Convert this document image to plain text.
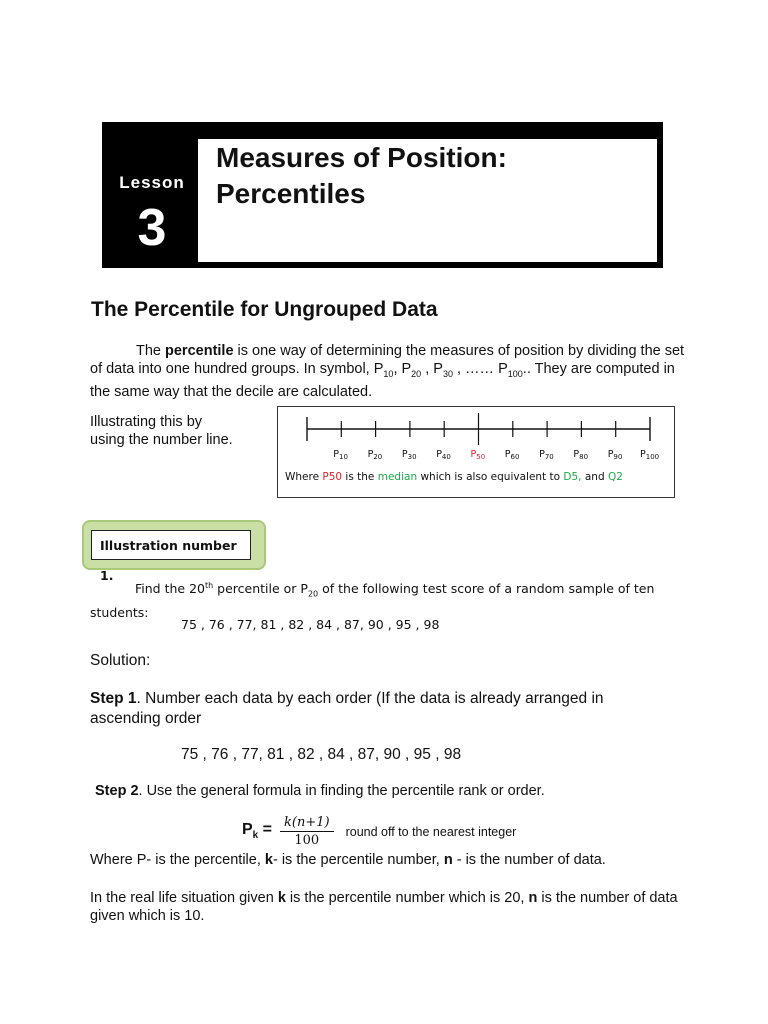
Lesson
3
Measures of Position:
Percentiles
The Percentile for Ungrouped Data
The percentile is one way of determining the measures of position by dividing the set of data into one hundred groups. In symbol, $P_{10}$, $P_{20}$ , $P_{30}$ , …… $P_{100}$.. They are computed in the same way that the decile are calculated.
Illustrating this by
using the number line.
$P_{10}$ $P_{20}$ $P_{30}$ $P_{40}$ $P_{50}$ $P_{60}$ $P_{70}$ $P_{80}$ $P_{90}$ $P_{100}$
Where P50 is the median which is also equivalent to D5, and Q2
Illustration number 1.
Find the 20th percentile or $P_{20}$ of the following test score of a random sample of ten students:
75 , 76 , 77, 81 , 82 , 84 , 87, 90 , 95 , 98
Solution:
Step 1. Number each data by each order (If the data is already arranged in ascending order
75 , 76 , 77, 81 , 82 , 84 , 87, 90 , 95 , 98
Step 2. Use the general formula in finding the percentile rank or order.
$P_k = \frac{k(n+1)}{100}$ round off to the nearest integer
Where P- is the percentile, k- is the percentile number, n - is the number of data.
In the real life situation given k is the percentile number which is 20, n is the number of data given which is 10.
